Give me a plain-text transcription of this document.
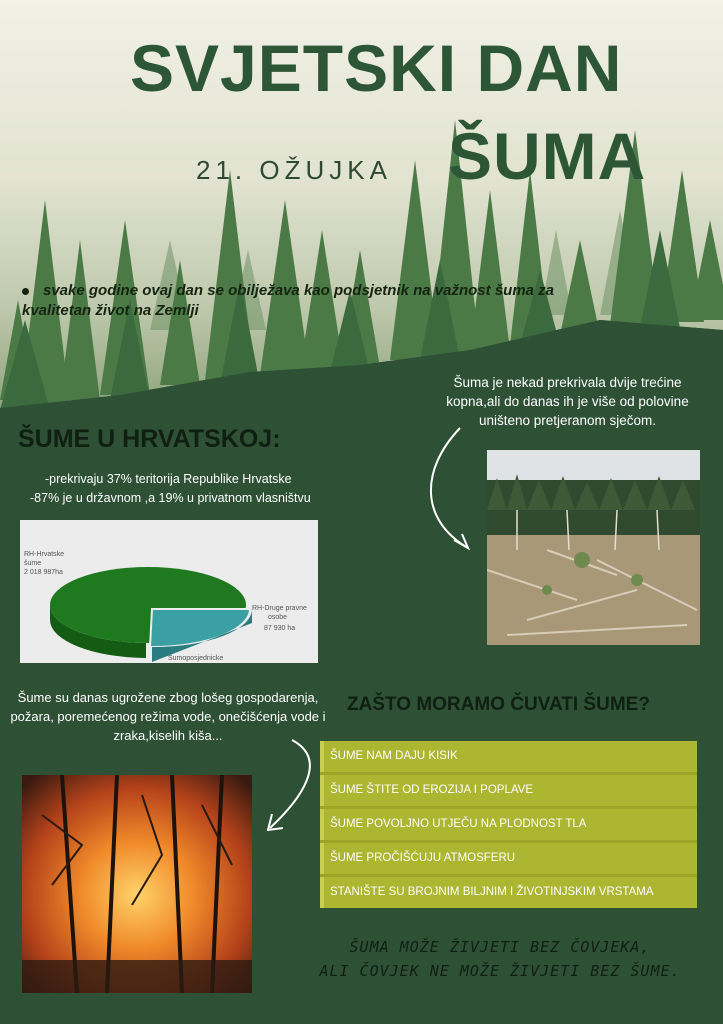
SVJETSKI DAN
ŠUMA
21. OŽUJKA
svake godine ovaj dan se obilježava kao podsjetnik na važnost šuma za kvalitetan život na Zemlji
Šuma je nekad prekrivala dvije trećine kopna,ali do danas ih je više od polovine uništeno pretjeranom sječom.
ŠUME U HRVATSKOJ:
-prekrivaju 37% teritorija Republike Hrvatske
-87% je u državnom ,a 19% u privatnom vlasništvu
RH-Hrvatske
šume
2 018 987ha
RH-Druge pravne
osobe
87 930 ha
Šumoposjednicke
Šume su danas ugrožene zbog lošeg gospodarenja, požara, poremećenog režima vode, onečišćenja vode i zraka,kiselih kiša...
ZAŠTO MORAMO ČUVATI ŠUME?
ŠUME NAM DAJU KISIK
ŠUME ŠTITE OD EROZIJA I POPLAVE
ŠUME POVOLJNO UTJEČU NA PLODNOST TLA
ŠUME PROČIŠĆUJU ATMOSFERU
STANIŠTE SU BROJNIM BILJNIM I ŽIVOTINJSKIM VRSTAMA
ŠUMA MOŽE ŽIVJETI BEZ ČOVJEKA,
ALI ČOVJEK NE MOŽE ŽIVJETI BEZ ŠUME.
